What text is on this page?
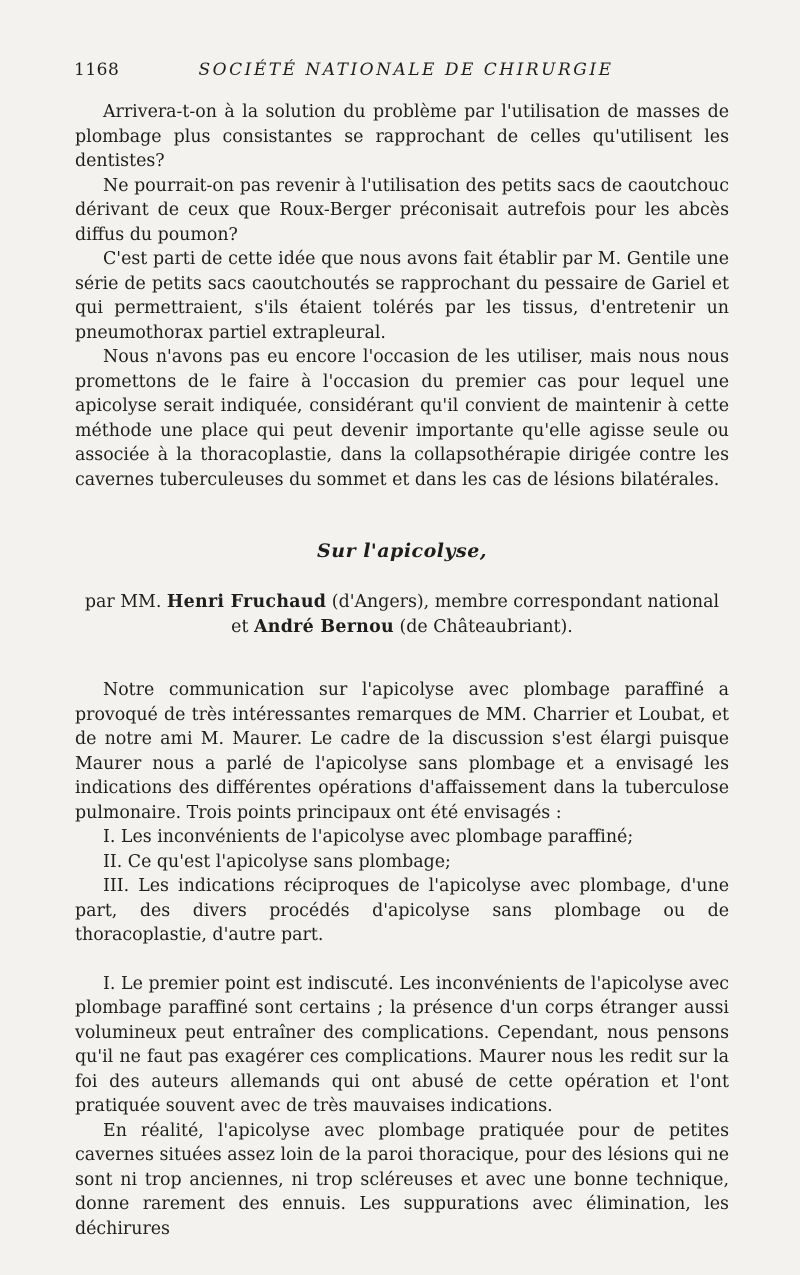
1168	SOCIÉTÉ NATIONALE DE CHIRURGIE

Arrivera-t-on à la solution du problème par l'utilisation de masses de plombage plus consistantes se rapprochant de celles qu'utilisent les dentistes?

Ne pourrait-on pas revenir à l'utilisation des petits sacs de caoutchouc dérivant de ceux que Roux-Berger préconisait autrefois pour les abcès diffus du poumon?

C'est parti de cette idée que nous avons fait établir par M. Gentile une série de petits sacs caoutchoutés se rapprochant du pessaire de Gariel et qui permettraient, s'ils étaient tolérés par les tissus, d'entretenir un pneumothorax partiel extrapleural.

Nous n'avons pas eu encore l'occasion de les utiliser, mais nous nous promettons de le faire à l'occasion du premier cas pour lequel une apicolyse serait indiquée, considérant qu'il convient de maintenir à cette méthode une place qui peut devenir importante qu'elle agisse seule ou associée à la thoracoplastie, dans la collapsothérapie dirigée contre les cavernes tuberculeuses du sommet et dans les cas de lésions bilatérales.

Sur l'apicolyse,
par MM. Henri Fruchaud (d'Angers), membre correspondant national
et André Bernou (de Châteaubriant).

Notre communication sur l'apicolyse avec plombage paraffiné a provoqué de très intéressantes remarques de MM. Charrier et Loubat, et de notre ami M. Maurer. Le cadre de la discussion s'est élargi puisque Maurer nous a parlé de l'apicolyse sans plombage et a envisagé les indications des différentes opérations d'affaissement dans la tuberculose pulmonaire. Trois points principaux ont été envisagés :

I. Les inconvénients de l'apicolyse avec plombage paraffiné;

II. Ce qu'est l'apicolyse sans plombage;

III. Les indications réciproques de l'apicolyse avec plombage, d'une part, des divers procédés d'apicolyse sans plombage ou de thoracoplastie, d'autre part.

I. Le premier point est indiscuté. Les inconvénients de l'apicolyse avec plombage paraffiné sont certains ; la présence d'un corps étranger aussi volumineux peut entraîner des complications. Cependant, nous pensons qu'il ne faut pas exagérer ces complications. Maurer nous les redit sur la foi des auteurs allemands qui ont abusé de cette opération et l'ont pratiquée souvent avec de très mauvaises indications.

En réalité, l'apicolyse avec plombage pratiquée pour de petites cavernes situées assez loin de la paroi thoracique, pour des lésions qui ne sont ni trop anciennes, ni trop scléreuses et avec une bonne technique, donne rarement des ennuis. Les suppurations avec élimination, les déchirures
